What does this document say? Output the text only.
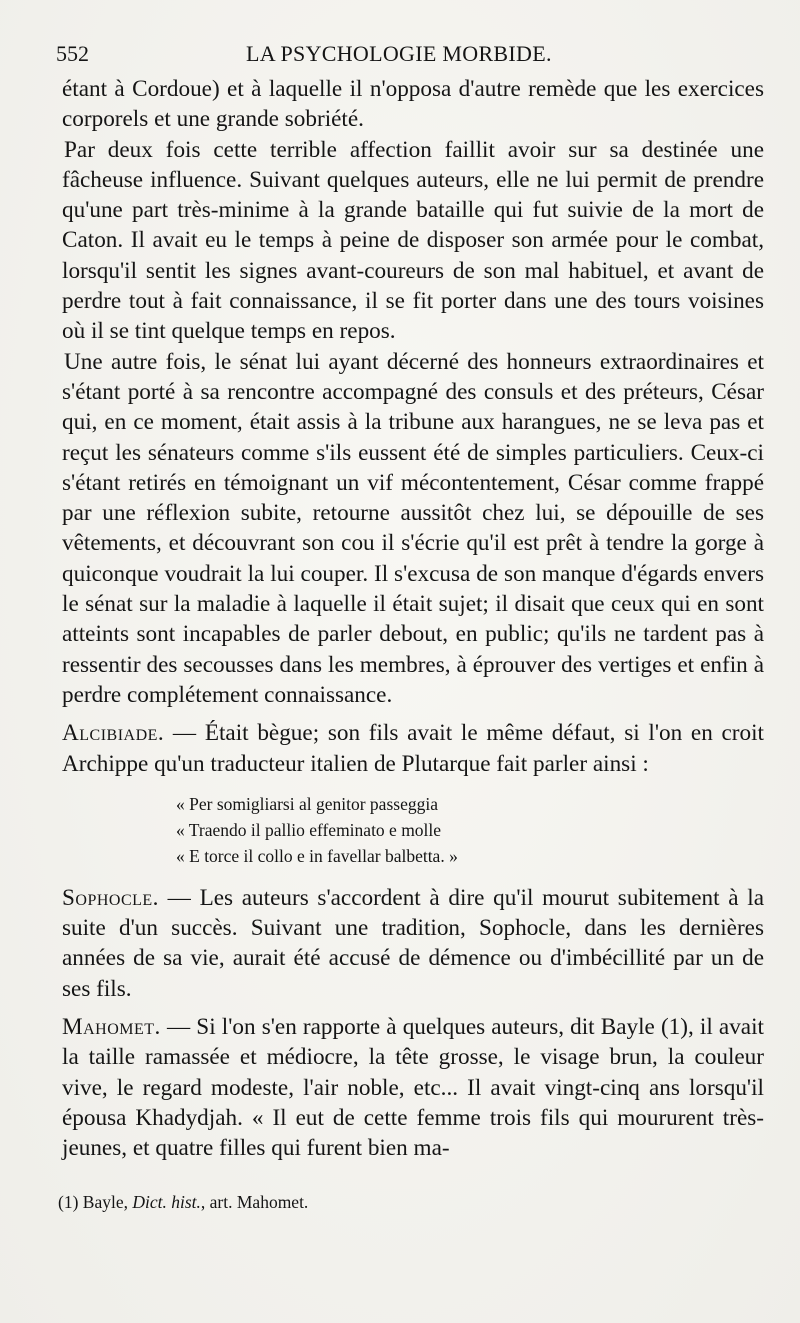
552	LA PSYCHOLOGIE MORBIDE.

étant à Cordoue) et à laquelle il n'opposa d'autre remède que les exercices corporels et une grande sobriété.

Par deux fois cette terrible affection faillit avoir sur sa destinée une fâcheuse influence. Suivant quelques auteurs, elle ne lui permit de prendre qu'une part très-minime à la grande bataille qui fut suivie de la mort de Caton. Il avait eu le temps à peine de disposer son armée pour le combat, lorsqu'il sentit les signes avant-coureurs de son mal habituel, et avant de perdre tout à fait connaissance, il se fit porter dans une des tours voisines où il se tint quelque temps en repos.

Une autre fois, le sénat lui ayant décerné des honneurs extraordinaires et s'étant porté à sa rencontre accompagné des consuls et des préteurs, César qui, en ce moment, était assis à la tribune aux harangues, ne se leva pas et reçut les sénateurs comme s'ils eussent été de simples particuliers. Ceux-ci s'étant retirés en témoignant un vif mécontentement, César comme frappé par une réflexion subite, retourne aussitôt chez lui, se dépouille de ses vêtements, et découvrant son cou il s'écrie qu'il est prêt à tendre la gorge à quiconque voudrait la lui couper. Il s'excusa de son manque d'égards envers le sénat sur la maladie à laquelle il était sujet; il disait que ceux qui en sont atteints sont incapables de parler debout, en public; qu'ils ne tardent pas à ressentir des secousses dans les membres, à éprouver des vertiges et enfin à perdre complétement connaissance.

Alcibiade. — Était bègue; son fils avait le même défaut, si l'on en croit Archippe qu'un traducteur italien de Plutarque fait parler ainsi :

« Per somigliarsi al genitor passeggia
« Traendo il pallio effeminato e molle
« E torce il collo e in favellar balbetta. »

Sophocle. — Les auteurs s'accordent à dire qu'il mourut subitement à la suite d'un succès. Suivant une tradition, Sophocle, dans les dernières années de sa vie, aurait été accusé de démence ou d'imbécillité par un de ses fils.

Mahomet. — Si l'on s'en rapporte à quelques auteurs, dit Bayle (1), il avait la taille ramassée et médiocre, la tête grosse, le visage brun, la couleur vive, le regard modeste, l'air noble, etc... Il avait vingt-cinq ans lorsqu'il épousa Khadydjah. « Il eut de cette femme trois fils qui moururent très-jeunes, et quatre filles qui furent bien ma-

(1) Bayle, Dict. hist., art. Mahomet.
